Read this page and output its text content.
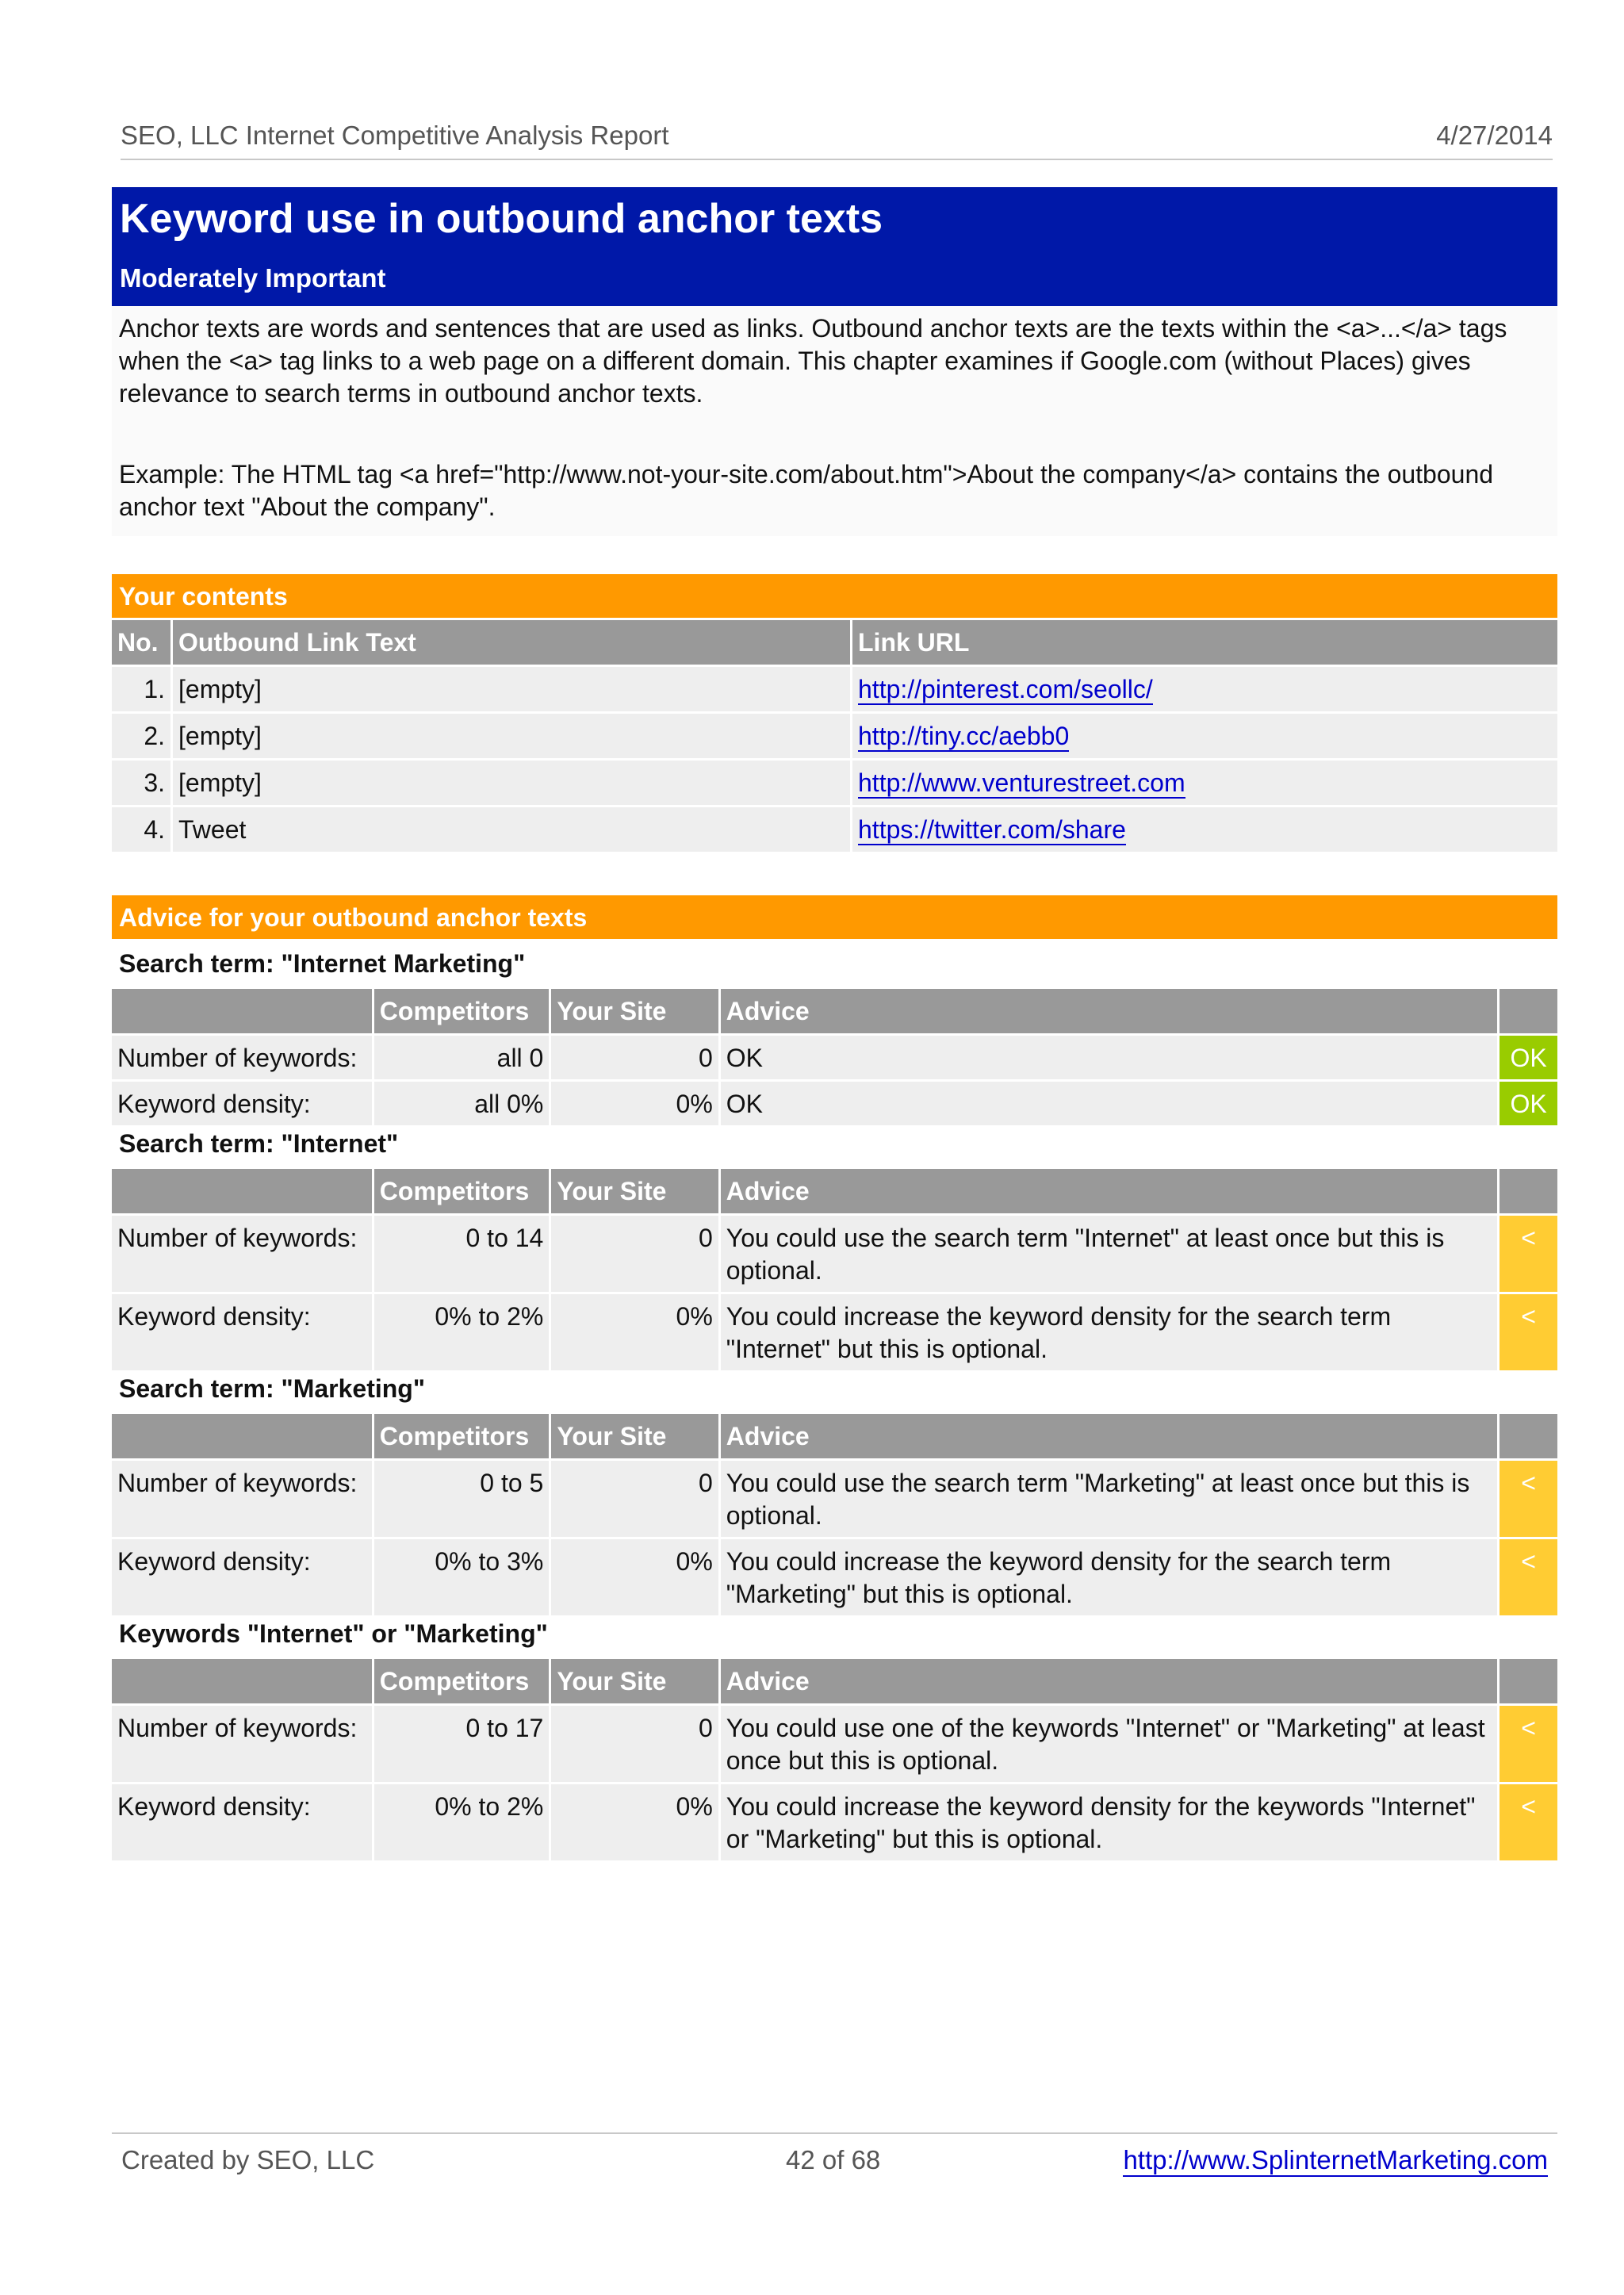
SEO, LLC Internet Competitive Analysis Report	4/27/2014
Keyword use in outbound anchor texts
Moderately Important

Anchor texts are words and sentences that are used as links. Outbound anchor texts are the texts within the <a>...</a> tags when the <a> tag links to a web page on a different domain. This chapter examines if Google.com (without Places) gives relevance to search terms in outbound anchor texts.

Example: The HTML tag <a href="http://www.not-your-site.com/about.htm">About the company</a> contains the outbound anchor text "About the company".

Your contents
No.	Outbound Link Text	Link URL
1.	[empty]	http://pinterest.com/seollc/
2.	[empty]	http://tiny.cc/aebb0
3.	[empty]	http://www.venturestreet.com
4.	Tweet	https://twitter.com/share
Advice for your outbound anchor texts
Search term: "Internet Marketing"
	Competitors	Your Site	Advice	
Number of keywords:	all 0	0	OK	OK
Keyword density:	all 0%	0%	OK	OK
Search term: "Internet"
	Competitors	Your Site	Advice	
Number of keywords:	0 to 14	0	You could use the search term "Internet" at least once but this is optional.	<
Keyword density:	0% to 2%	0%	You could increase the keyword density for the search term "Internet" but this is optional.	<
Search term: "Marketing"
	Competitors	Your Site	Advice	
Number of keywords:	0 to 5	0	You could use the search term "Marketing" at least once but this is optional.	<
Keyword density:	0% to 3%	0%	You could increase the keyword density for the search term "Marketing" but this is optional.	<
Keywords "Internet" or "Marketing"
	Competitors	Your Site	Advice	
Number of keywords:	0 to 17	0	You could use one of the keywords "Internet" or "Marketing" at least once but this is optional.	<
Keyword density:	0% to 2%	0%	You could increase the keyword density for the keywords "Internet" or "Marketing" but this is optional.	<
Created by SEO, LLC	42 of 68	http://www.SplinternetMarketing.com
